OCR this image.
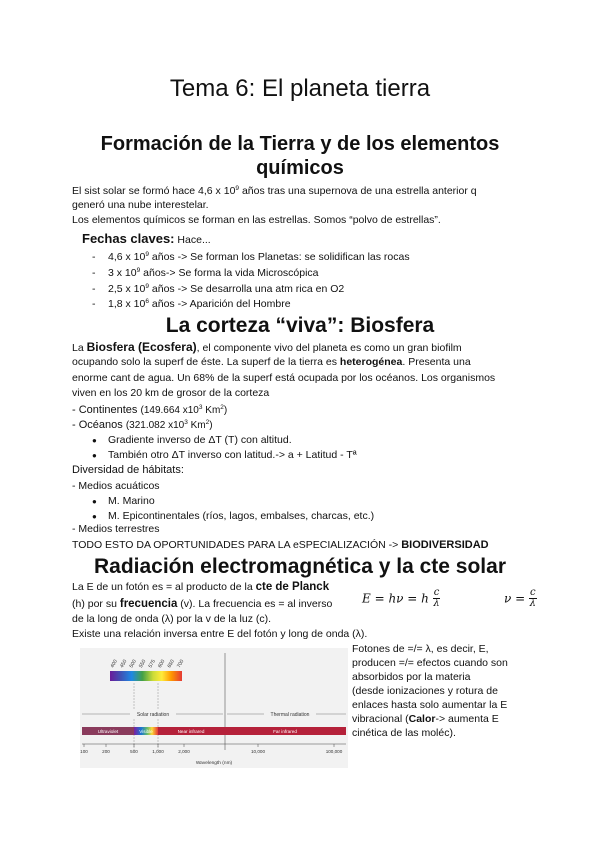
Tema 6: El planeta tierra
Formación de la Tierra y de los elementos
químicos
El sist solar se formó hace 4,6 x $10^9$ años tras una supernova de una estrella anterior q
generó una nube interestelar.
Los elementos químicos se forman en las estrellas. Somos “polvo de estrellas”.
Fechas claves: Hace...
- 4,6 x $10^9$ años -> Se forman los Planetas: se solidifican las rocas
- 3 x $10^9$ años-> Se forma la vida Microscópica
- 2,5 x $10^9$ años -> Se desarrolla una atm rica en O2
- 1,8 x $10^6$ años -> Aparición del Hombre
La corteza “viva”: Biosfera
La Biosfera (Ecosfera), el componente vivo del planeta es como un gran biofilm
ocupando solo la superf de éste. La superf de la tierra es heterogénea. Presenta una
enorme cant de agua. Un 68% de la superf está ocupada por los océanos. Los organismos
viven en los 20 km de grosor de la corteza
- Continentes (149.664 $x10^3$ Km$^2$)
- Océanos (321.082 $x10^3$ Km$^2$)
● Gradiente inverso de ΔT (T) con altitud.
● También otro ΔT inverso con latitud.-> a + Latitud - Tª
Diversidad de hábitats:
- Medios acuáticos
● M. Marino
● M. Epicontinentales (ríos, lagos, embalses, charcas, etc.)
- Medios terrestres
TODO ESTO DA OPORTUNIDADES PARA LA eSPECIALIZACIÓN -> BIODIVERSIDAD
Radiación electromagnética y la cte solar
La E de un fotón es = al producto de la cte de Planck
(h) por su frecuencia (v). La frecuencia es = al inverso
de la long de onda (λ) por la v de la luz (c).
Existe una relación inversa entre E del fotón y long de onda (λ).
E = hν = h $\frac{c}{\lambda}$	$\nu = \frac{c}{\lambda}$
Fotones de =/= λ, es decir, E,
producen =/= efectos cuando son
absorbidos por la materia
(desde ionizaciones y rotura de
enlaces hasta solo aumentar la E
vibracional (Calor-> aumenta E
cinética de las moléc).
400 450 500 550 575 600 650 700
Solar radiation	Thermal radiation
Ultraviolet	Visible	Near infrared	Far infrared
100	200	500	1,000	2,000	10,000	100,000
Wavelength (nm)
